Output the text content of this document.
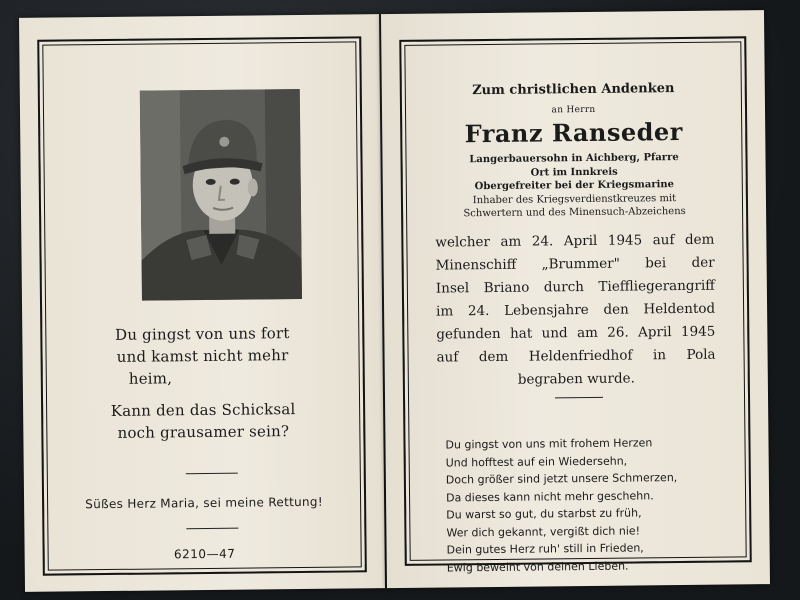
Du gingst von uns fort
und kamst nicht mehr
heim,
Kann den das Schicksal
noch grausamer sein?
Süßes Herz Maria, sei meine Rettung!
6210—47
Zum christlichen Andenken
an Herrn
Franz Ranseder
Langerbauersohn in Aichberg, Pfarre
Ort im Innkreis
Obergefreiter bei der Kriegsmarine
Inhaber des Kriegsverdienstkreuzes mit
Schwertern und des Minensuch-Abzeichens
welcher am 24. April 1945 auf dem
Minenschiff „Brummer" bei der
Insel Briano durch Tieffliegerangriff
im 24. Lebensjahre den Heldentod
gefunden hat und am 26. April 1945
auf dem Heldenfriedhof in Pola
begraben wurde.
Du gingst von uns mit frohem Herzen
Und hofftest auf ein Wiedersehn,
Doch größer sind jetzt unsere Schmerzen,
Da dieses kann nicht mehr geschehn.
Du warst so gut, du starbst zu früh,
Wer dich gekannt, vergißt dich nie!
Dein gutes Herz ruh' still in Frieden,
Ewig beweint von deinen Lieben.
